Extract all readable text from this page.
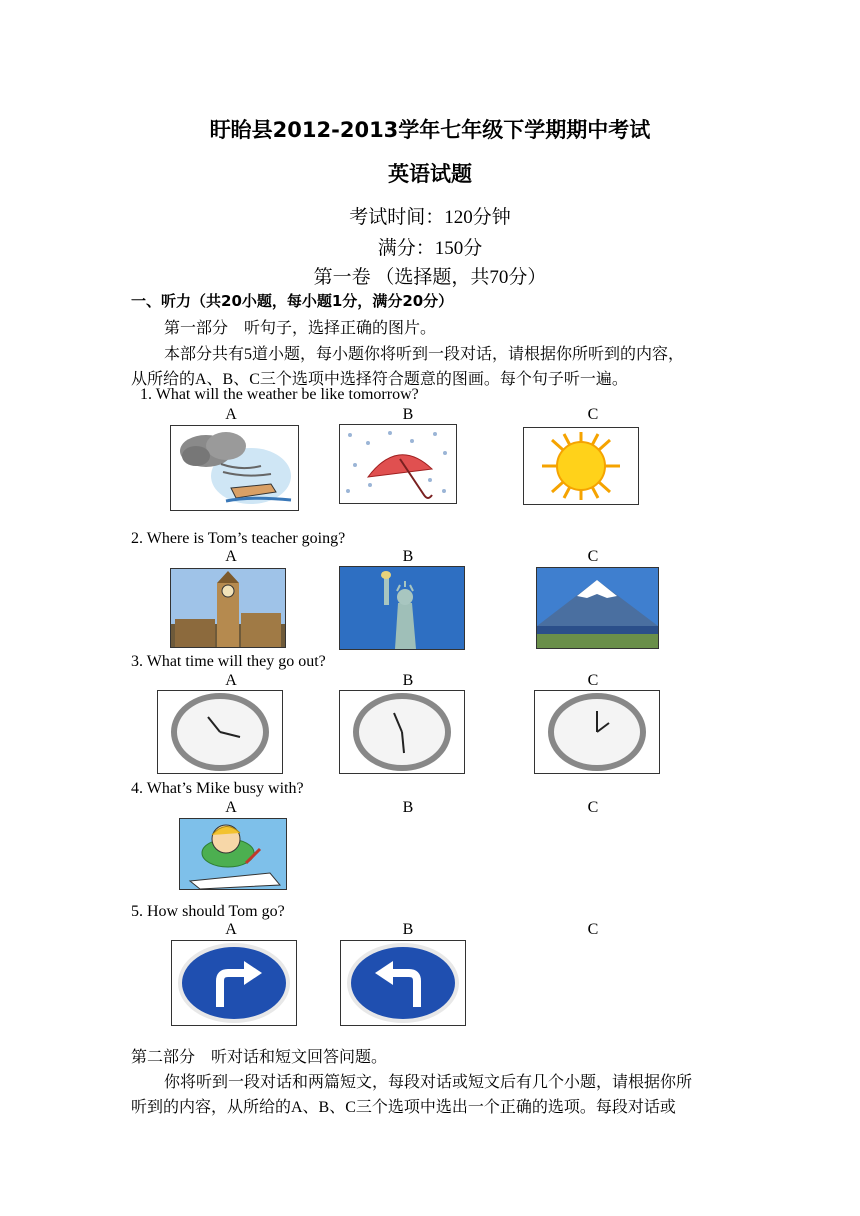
盱眙县2012-2013学年七年级下学期期中考试
英语试题
考试时间：120分钟
满分：150分
第一卷 （选择题，共70分）
一、听力（共20小题，每小题1分，满分20分）
第一部分　听句子，选择正确的图片。
本部分共有5道小题，每小题你将听到一段对话，请根据你所听到的内容，
从所给的A、B、C三个选项中选择符合题意的图画。每个句子听一遍。
1. What will the weather be like tomorrow?
A	B	C
2. Where is Tom’s teacher going?
A	B	C
3. What time will they go out?
A	B	C
4. What’s Mike busy with?
A	B	C
5. How should Tom go?
A	B	C
第二部分　听对话和短文回答问题。
你将听到一段对话和两篇短文，每段对话或短文后有几个小题，请根据你所
听到的内容，从所给的A、B、C三个选项中选出一个正确的选项。每段对话或
